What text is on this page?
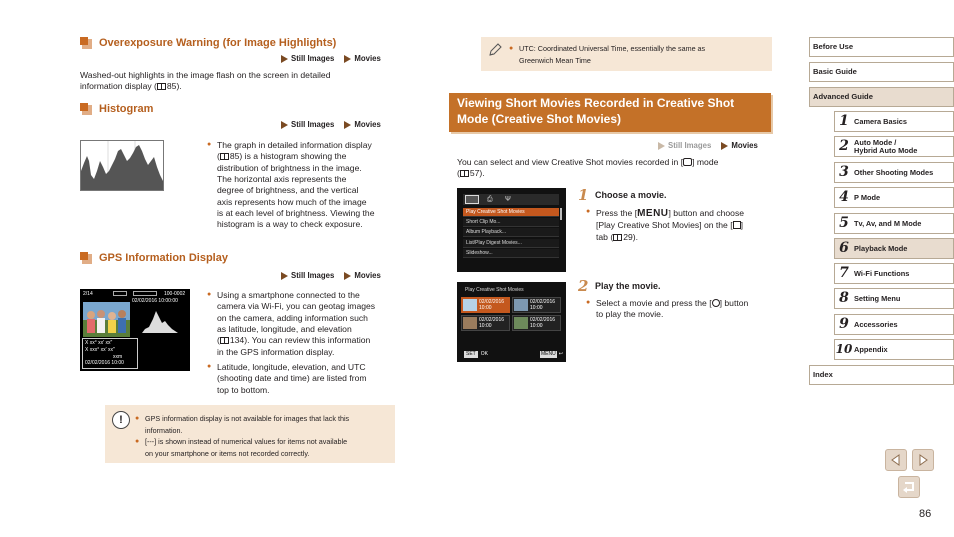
Overexposure Warning (for Image Highlights)
Still Images	Movies
Washed-out highlights in the image flash on the screen in detailed
information display ( 85).
Histogram
Still Images	Movies
● The graph in detailed information display
( 85) is a histogram showing the
distribution of brightness in the image.
The horizontal axis represents the
degree of brightness, and the vertical
axis represents how much of the image
is at each level of brightness. Viewing the
histogram is a way to check exposure.
GPS Information Display
Still Images	Movies
2/14	100-0002
02/02/2016 10:00:00
X xx° xx' xx"
X xxx° xx' xx"
xxm
02/02/2016 10:00
● Using a smartphone connected to the
camera via Wi-Fi, you can geotag images
on the camera, adding information such
as latitude, longitude, and elevation
( 134). You can review this information
in the GPS information display.
● Latitude, longitude, elevation, and UTC
(shooting date and time) are listed from
top to bottom.
!
●	GPS information display is not available for images that lack this
information.
● [---] is shown instead of numerical values for items not available
on your smartphone or items not recorded correctly.
● UTC: Coordinated Universal Time, essentially the same as
Greenwich Mean Time
Viewing Short Movies Recorded in Creative Shot
Mode (Creative Shot Movies)
Still Images	Movies
You can select and view Creative Shot movies recorded in [ ] mode
( 57).
⎙	Ψ
Play Creative Shot Movies
Short Clip Mo...
Album Playback...
List/Play Digest Movies...
Slideshow...
Play Creative Shot Movies
02/02/2016
10:00
02/02/2016
10:00
02/02/2016
10:00
02/02/2016
10:00
SET	OK	MENU ↩
1 Choose a movie.
● Press the [MENU] button and choose
[Play Creative Shot Movies] on the [ ]
tab ( 29).
2 Play the movie.
● Select a movie and press the [ ] button
to play the movie.
Before Use
Basic Guide
Advanced Guide
1 Camera Basics
2 Auto Mode /
Hybrid Auto Mode
3 Other Shooting Modes
4 P Mode
5 Tv, Av, and M Mode
6 Playback Mode
7 Wi-Fi Functions
8 Setting Menu
9 Accessories
10 Appendix
Index
86
